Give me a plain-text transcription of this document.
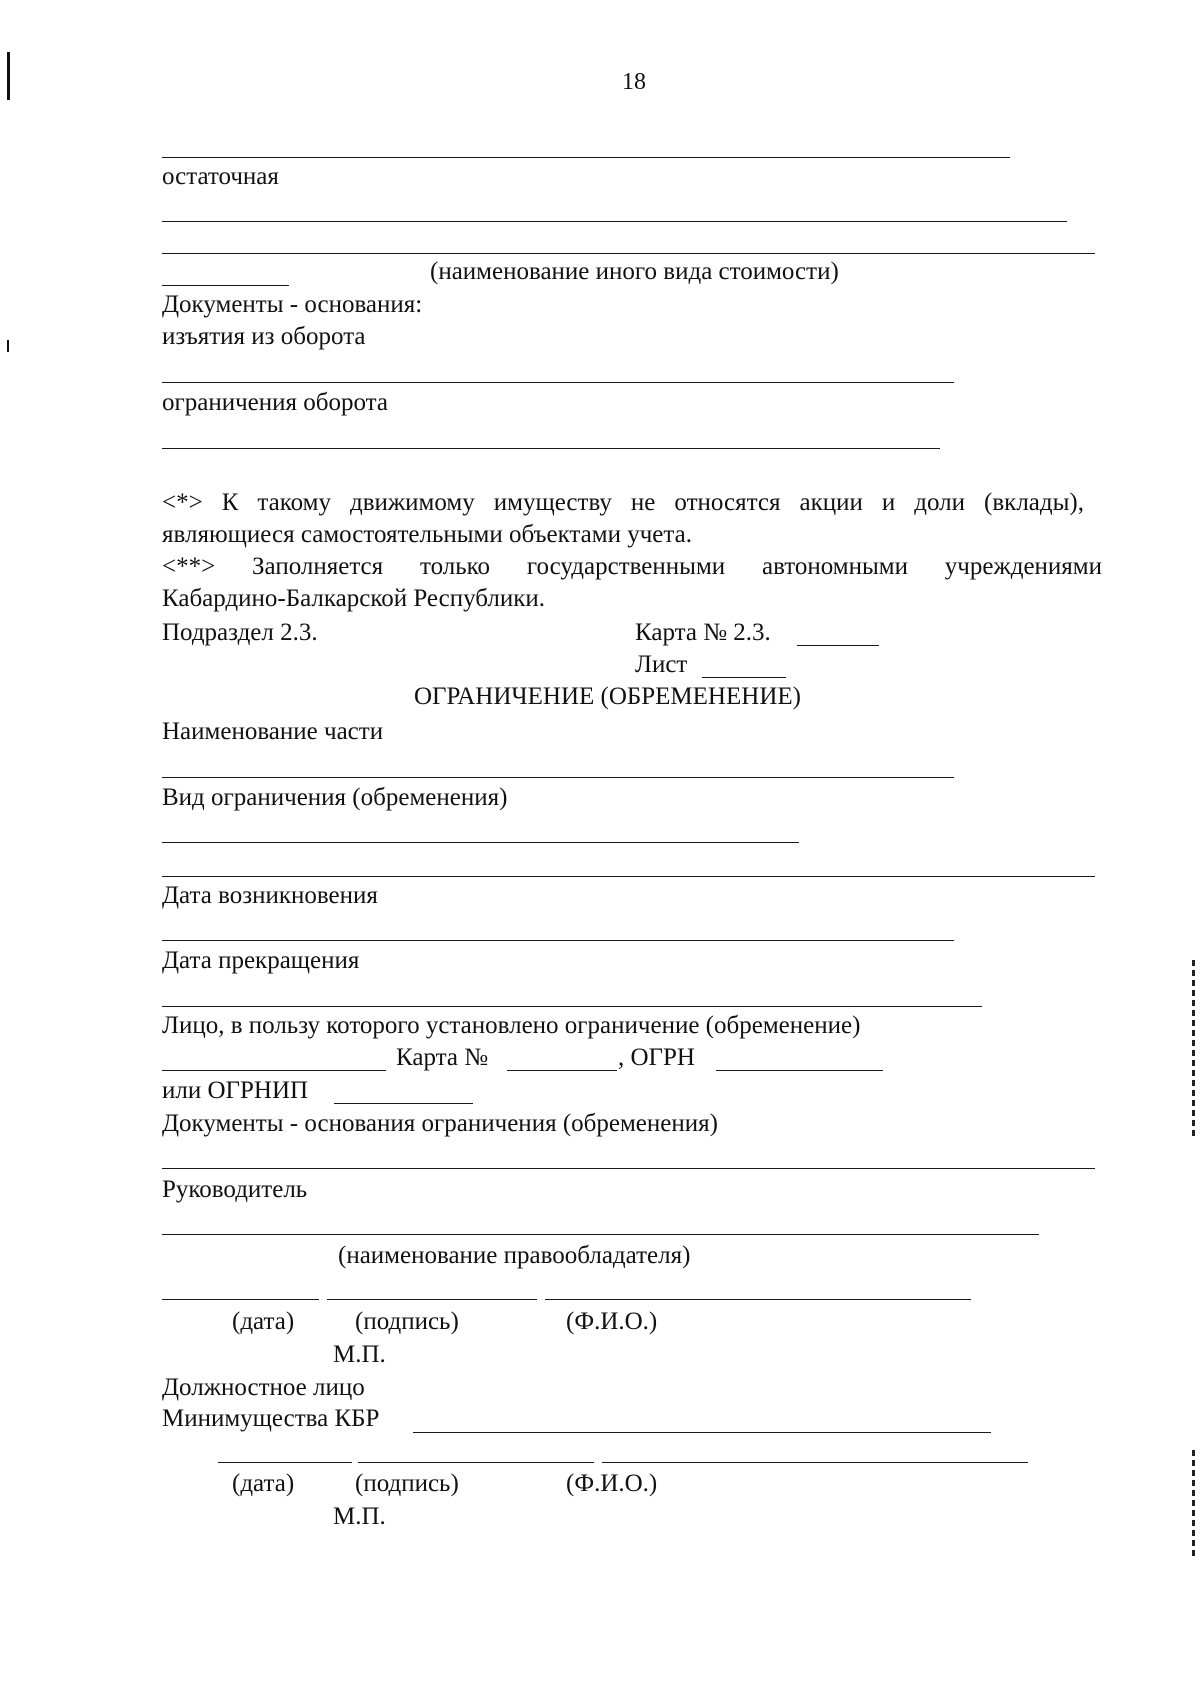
18
остаточная
(наименование иного вида стоимости)
Документы - основания:
изъятия из оборота
ограничения оборота
<*> К такому движимому имуществу не относятся акции и доли (вклады),
являющиеся самостоятельными объектами учета.
<**> Заполняется только государственными автономными учреждениями
Кабардино-Балкарской Республики.
Подраздел 2.3.	Карта № 2.3.
Лист
ОГРАНИЧЕНИЕ (ОБРЕМЕНЕНИЕ)
Наименование части
Вид ограничения (обременения)
Дата возникновения
Дата прекращения
Лицо, в пользу которого установлено ограничение (обременение)
Карта №	, ОГРН
или ОГРНИП
Документы - основания ограничения (обременения)
Руководитель
(наименование правообладателя)
(дата) (подпись)	(Ф.И.О.)
М.П.
Должностное лицо
Минимущества КБР
(дата) (подпись)	(Ф.И.О.)
М.П.
